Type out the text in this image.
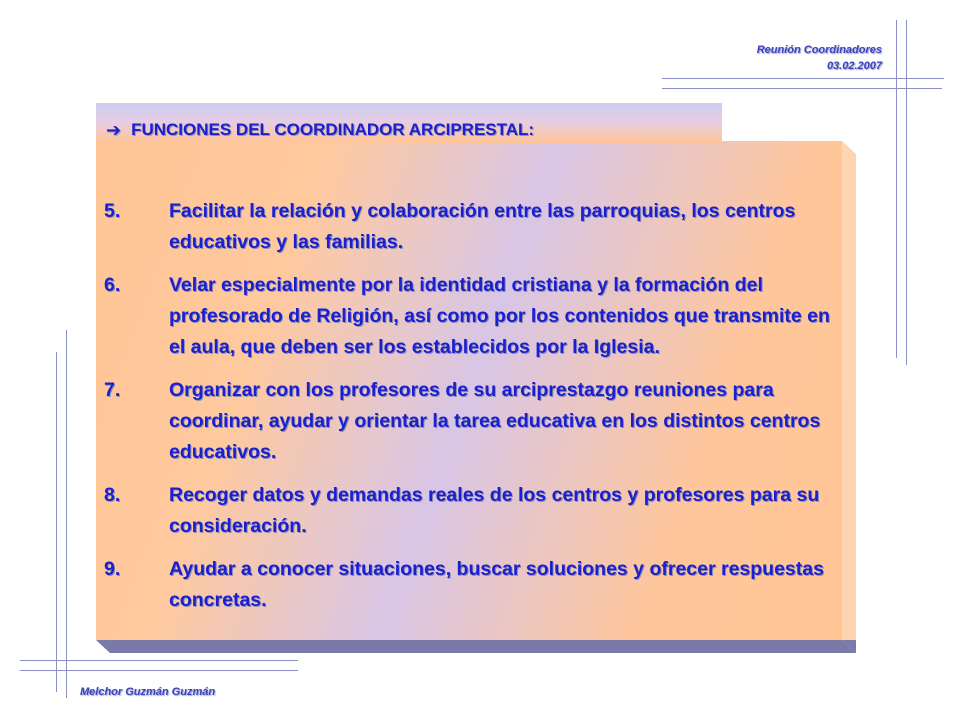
Reunión Coordinadores
03.02.2007
➔ FUNCIONES DEL COORDINADOR ARCIPRESTAL:
5.	Facilitar la relación y colaboración entre las parroquias, los centros educativos y las familias.
6.	Velar especialmente por la identidad cristiana y la formación del profesorado de Religión, así como por los contenidos que transmite en el aula, que deben ser los establecidos por la Iglesia.
7.	Organizar con los profesores de su arciprestazgo reuniones para coordinar, ayudar y orientar la tarea educativa en los distintos centros educativos.
8.	Recoger datos y demandas reales de los centros y profesores para su consideración.
9.	Ayudar a conocer situaciones, buscar soluciones y ofrecer respuestas concretas.
Melchor Guzmán Guzmán
